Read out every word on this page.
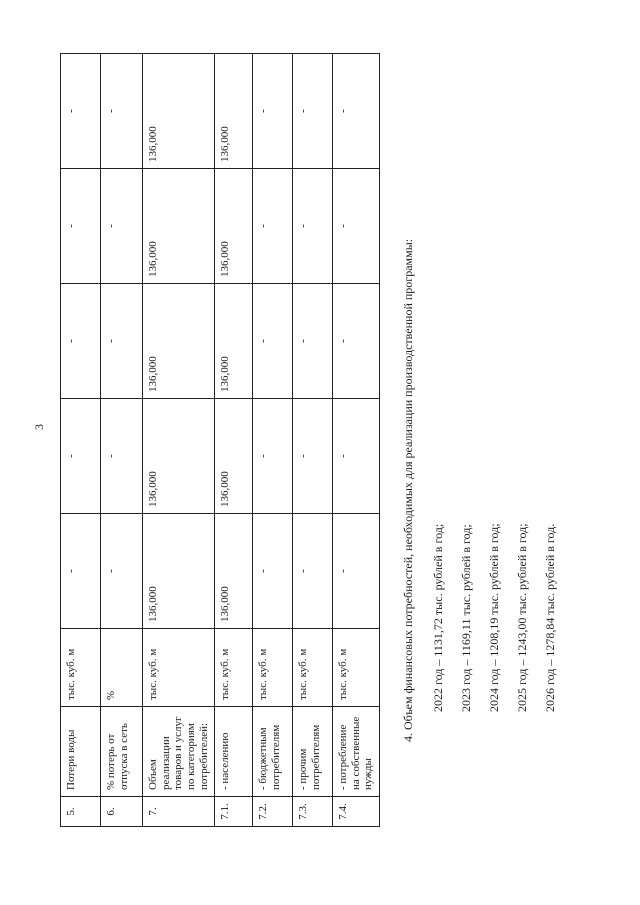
3
5.	Потери воды	тыс. куб. м	-	-	-	-	-
6.	% потерь от отпуска в сеть	%	-	-	-	-	-
7.	Объем реализации товаров и услуг по категориям потребителей:	тыс. куб. м	136,000	136,000	136,000	136,000	136,000
7.1.	- населению	тыс. куб. м	136,000	136,000	136,000	136,000	136,000
7.2.	- бюджетным потребителям	тыс. куб. м	-	-	-	-	-
7.3.	- прочим потребителям	тыс. куб. м	-	-	-	-	-
7.4.	- потребление на собственные нужды	тыс. куб. м	-	-	-	-	-
4. Объем финансовых потребностей, необходимых для реализации производственной программы:	2022 год – 1131,72 тыс. рублей в год;	2023 год – 1169,11 тыс. рублей в год;	2024 год – 1208,19 тыс. рублей в год;	2025 год – 1243,00 тыс. рублей в год;	2026 год – 1278,84 тыс. рублей в год.
